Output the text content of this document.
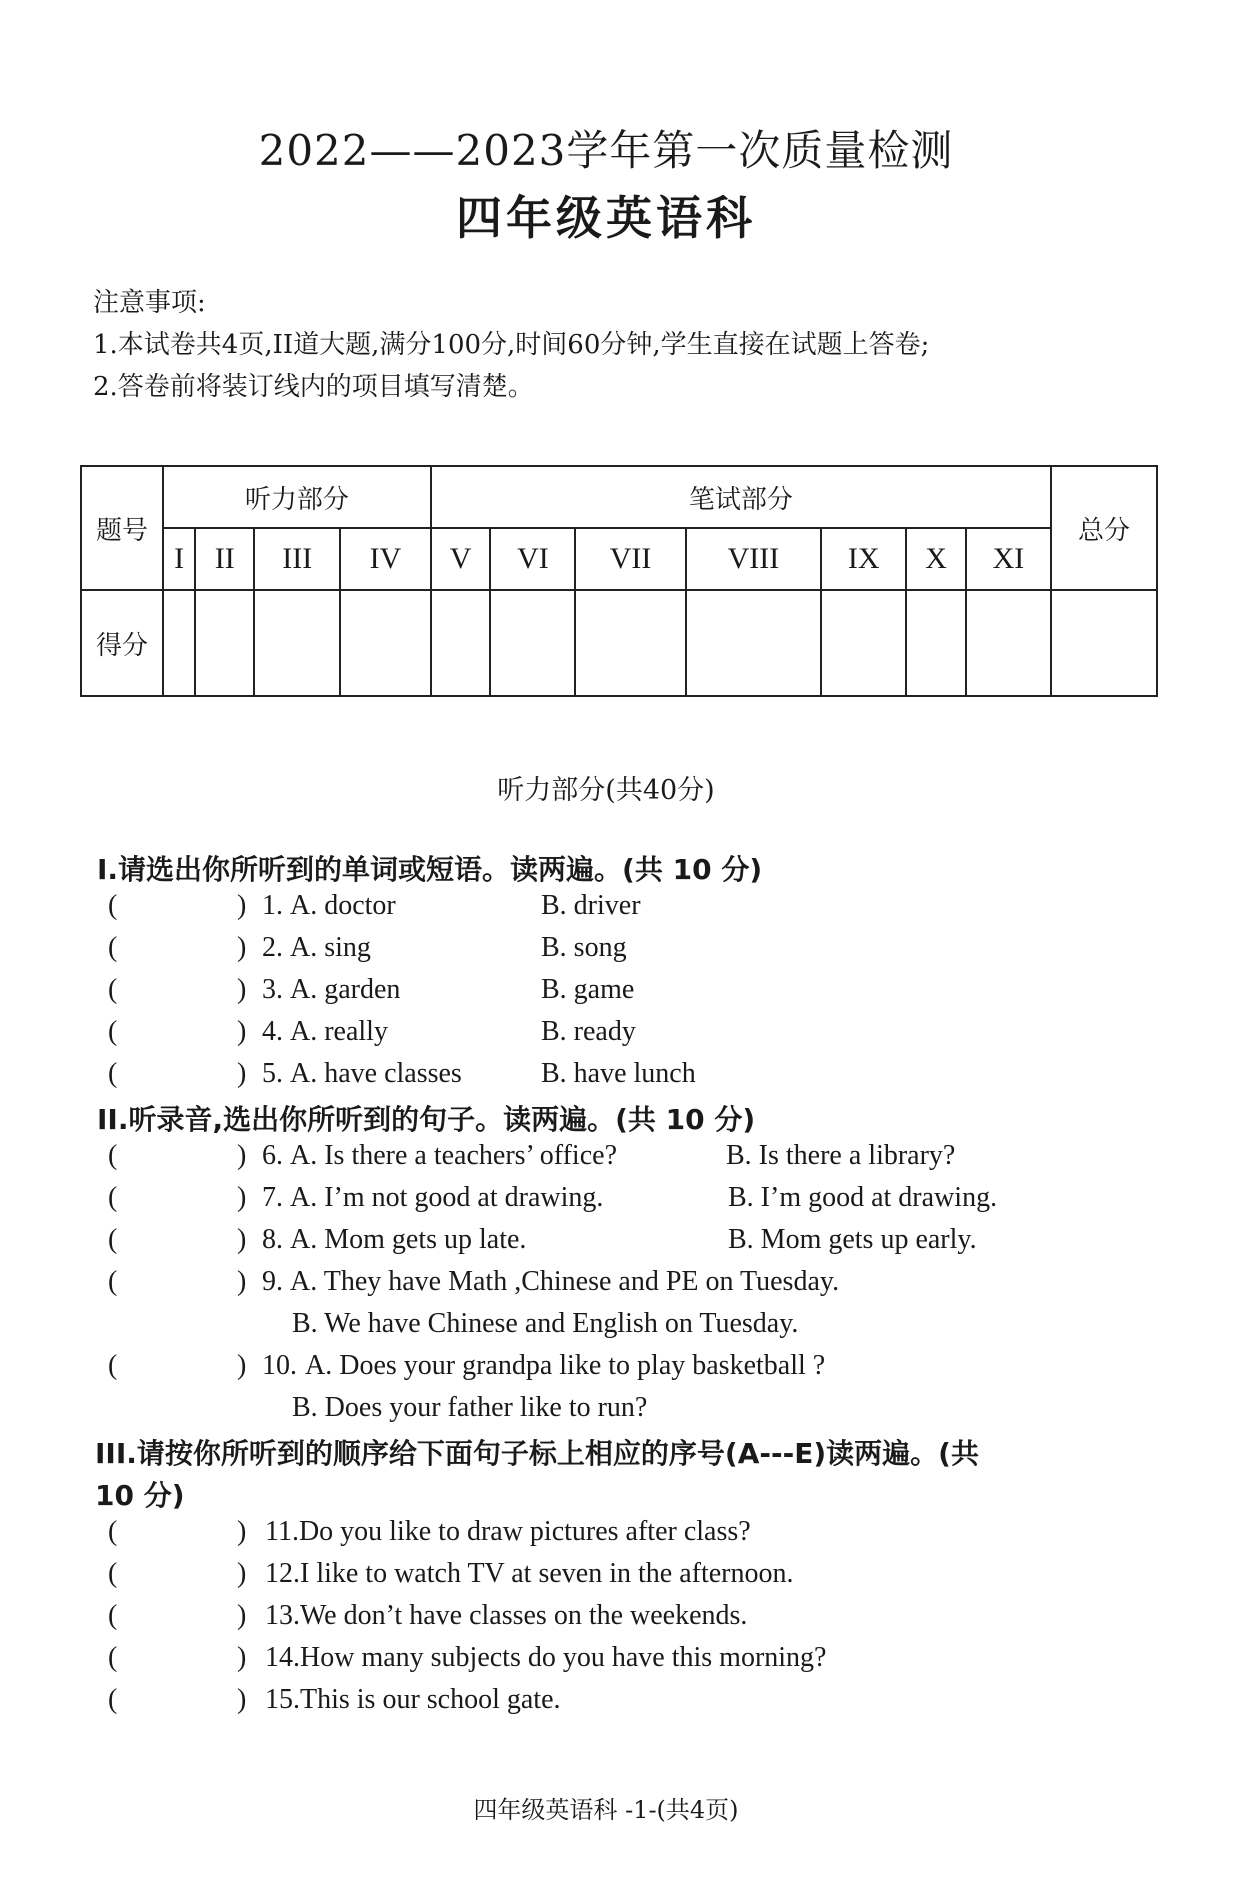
2022——2023学年第一次质量检测
四年级英语科
注意事项:
1.本试卷共4页,II道大题,满分100分,时间60分钟,学生直接在试题上答卷;
2.答卷前将装订线内的项目填写清楚。
题号	听力部分				笔试部分							总分
	I	II	III	IV	V	VI	VII	VIII	IX	X	XI	
得分												
听力部分(共40分)
I.请选出你所听到的单词或短语。读两遍。(共 10 分)
(	) 1. A. doctor	B. driver
(	) 2. A. sing	B. song
(	) 3. A. garden	B. game
(	) 4. A. really	B. ready
(	) 5. A. have classes	B. have lunch
II.听录音,选出你所听到的句子。读两遍。(共 10 分)
(	) 6. A. Is there a teachers’ office?	B. Is there a library?
(	) 7. A. I’m not good at drawing.	B. I’m good at drawing.
(	) 8. A. Mom gets up late.	B. Mom gets up early.
(	) 9. A. They have Math ,Chinese and PE on Tuesday.
B. We have Chinese and English on Tuesday.
(	) 10. A. Does your grandpa like to play basketball ?
B. Does your father like to run?
III.请按你所听到的顺序给下面句子标上相应的序号(A---E)读两遍。(共
10 分)
(	) 11.Do you like to draw pictures after class?
(	) 12.I like to watch TV at seven in the afternoon.
(	) 13.We don’t have classes on the weekends.
(	) 14.How many subjects do you have this morning?
(	) 15.This is our school gate.
四年级英语科 -1-(共4页)
